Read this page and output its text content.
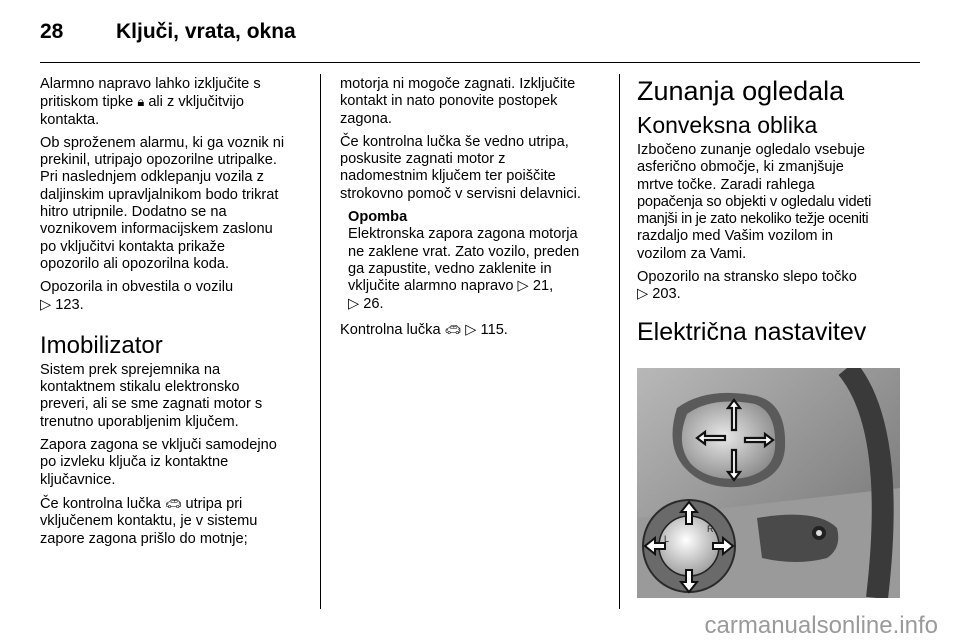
28	Ključi, vrata, okna

Alarmno napravo lahko izključite s
pritiskom tipke 🔒︎ ali z vključitvijo
kontakta.

Ob sproženem alarmu, ki ga voznik ni
prekinil, utripajo opozorilne utripalke.
Pri naslednjem odklepanju vozila z
daljinskim upravljalnikom bodo trikrat
hitro utripnile. Dodatno se na
voznikovem informacijskem zaslonu
po vključitvi kontakta prikaže
opozorilo ali opozorilna koda.

Opozorila in obvestila o vozilu
▷ 123.

Imobilizator

Sistem prek sprejemnika na
kontaktnem stikalu elektronsko
preveri, ali se sme zagnati motor s
trenutno uporabljenim ključem.

Zapora zagona se vključi samodejno
po izvleku ključa iz kontaktne
ključavnice.

Če kontrolna lučka 🚗︎ utripa pri
vključenem kontaktu, je v sistemu
zapore zagona prišlo do motnje;

motorja ni mogoče zagnati. Izključite
kontakt in nato ponovite postopek
zagona.

Če kontrolna lučka še vedno utripa,
poskusite zagnati motor z
nadomestnim ključem ter poiščite
strokovno pomoč v servisni delavnici.

Opomba
Elektronska zapora zagona motorja
ne zaklene vrat. Zato vozilo, preden
ga zapustite, vedno zaklenite in
vključite alarmno napravo ▷ 21,
▷ 26.

Kontrolna lučka 🚗︎ ▷ 115.

Zunanja ogledala
Konveksna oblika

Izbočeno zunanje ogledalo vsebuje
asferično območje, ki zmanjšuje
mrtve točke. Zaradi rahlega
popačenja so objekti v ogledalu videti
manjši in je zato nekoliko težje oceniti
razdaljo med Vašim vozilom in
vozilom za Vami.

Opozorilo na stransko slepo točko
▷ 203.

Električna nastavitev
L
R
carmanualsonline.info
